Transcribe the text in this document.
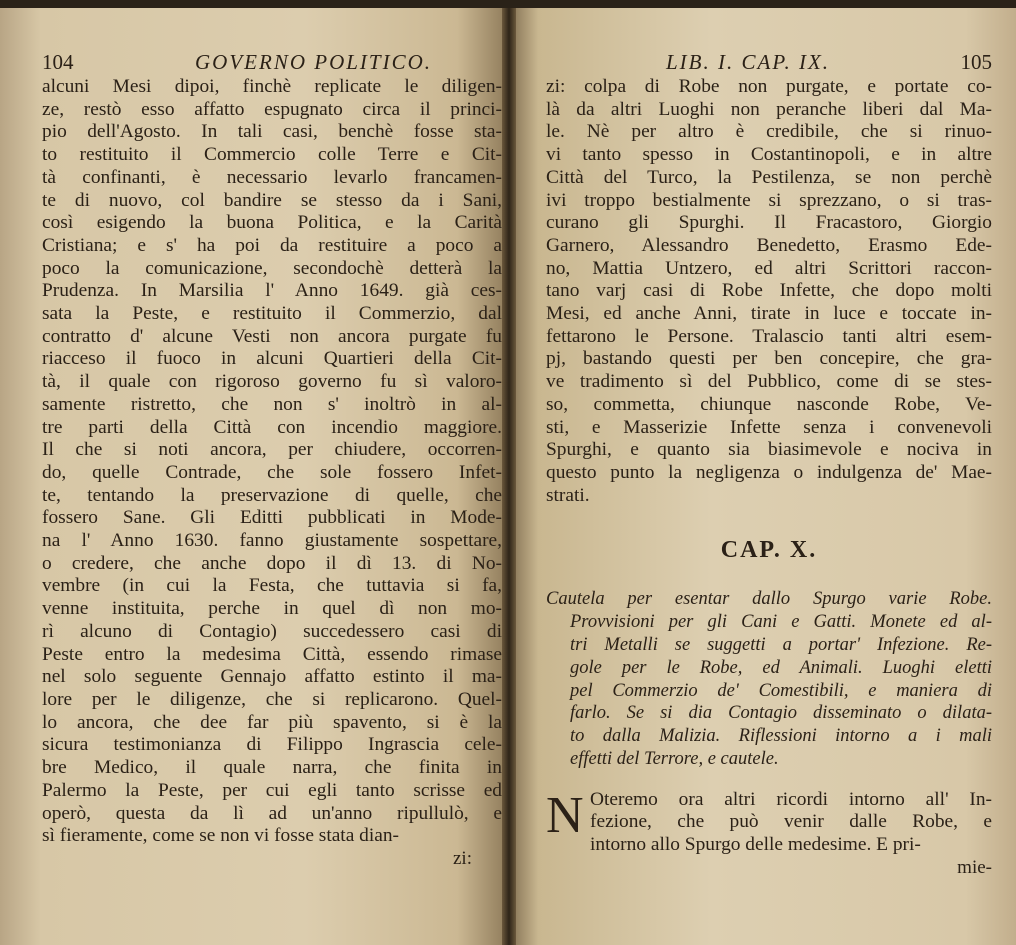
104	GOVERNO POLITICO.
alcuni Mesi dipoi, finchè replicate le diligen-
ze, restò esso affatto espugnato circa il princi-
pio dell'Agosto. In tali casi, benchè fosse sta-
to restituito il Commercio colle Terre e Cit-
tà confinanti, è necessario levarlo francamen-
te di nuovo, col bandire se stesso da i Sani,
così esigendo la buona Politica, e la Carità
Cristiana; e s' ha poi da restituire a poco a
poco la comunicazione, secondochè detterà la
Prudenza. In Marsilia l' Anno 1649. già ces-
sata la Peste, e restituito il Commerzio, dal
contratto d' alcune Vesti non ancora purgate fu
riacceso il fuoco in alcuni Quartieri della Cit-
tà, il quale con rigoroso governo fu sì valoro-
samente ristretto, che non s' inoltrò in al-
tre parti della Città con incendio maggiore.
Il che si noti ancora, per chiudere, occorren-
do, quelle Contrade, che sole fossero Infet-
te, tentando la preservazione di quelle, che
fossero Sane. Gli Editti pubblicati in Mode-
na l' Anno 1630. fanno giustamente sospettare,
o credere, che anche dopo il dì 13. di No-
vembre (in cui la Festa, che tuttavia si fa,
venne instituita, perche in quel dì non mo-
rì alcuno di Contagio) succedessero casi di
Peste entro la medesima Città, essendo rimase
nel solo seguente Gennajo affatto estinto il ma-
lore per le diligenze, che si replicarono. Quel-
lo ancora, che dee far più spavento, si è la
sicura testimonianza di Filippo Ingrascia cele-
bre Medico, il quale narra, che finita in
Palermo la Peste, per cui egli tanto scrisse ed
operò, questa da lì ad un'anno ripullulò, e
sì fieramente, come se non vi fosse stata dian-
zi:
LIB. I. CAP. IX.	105
zi: colpa di Robe non purgate, e portate co-
là da altri Luoghi non peranche liberi dal Ma-
le. Nè per altro è credibile, che si rinuo-
vi tanto spesso in Costantinopoli, e in altre
Città del Turco, la Pestilenza, se non perchè
ivi troppo bestialmente si sprezzano, o si tras-
curano gli Spurghi. Il Fracastoro, Giorgio
Garnero, Alessandro Benedetto, Erasmo Ede-
no, Mattia Untzero, ed altri Scrittori raccon-
tano varj casi di Robe Infette, che dopo molti
Mesi, ed anche Anni, tirate in luce e toccate in-
fettarono le Persone. Tralascio tanti altri esem-
pj, bastando questi per ben concepire, che gra-
ve tradimento sì del Pubblico, come di se stes-
so, commetta, chiunque nasconde Robe, Ve-
sti, e Masserizie Infette senza i convenevoli
Spurghi, e quanto sia biasimevole e nociva in
questo punto la negligenza o indulgenza de' Mae-
strati.
CAP. X.
Cautela per esentar dallo Spurgo varie Robe.
Provvisioni per gli Cani e Gatti. Monete ed al-
tri Metalli se suggetti a portar' Infezione. Re-
gole per le Robe, ed Animali. Luoghi eletti
pel Commerzio de' Comestibili, e maniera di
farlo. Se si dia Contagio disseminato o dilata-
to dalla Malizia. Riflessioni intorno a i mali
effetti del Terrore, e cautele.
N Oteremo ora altri ricordi intorno all' In-
fezione, che può venir dalle Robe, e
intorno allo Spurgo delle medesime. E pri-
mie-
